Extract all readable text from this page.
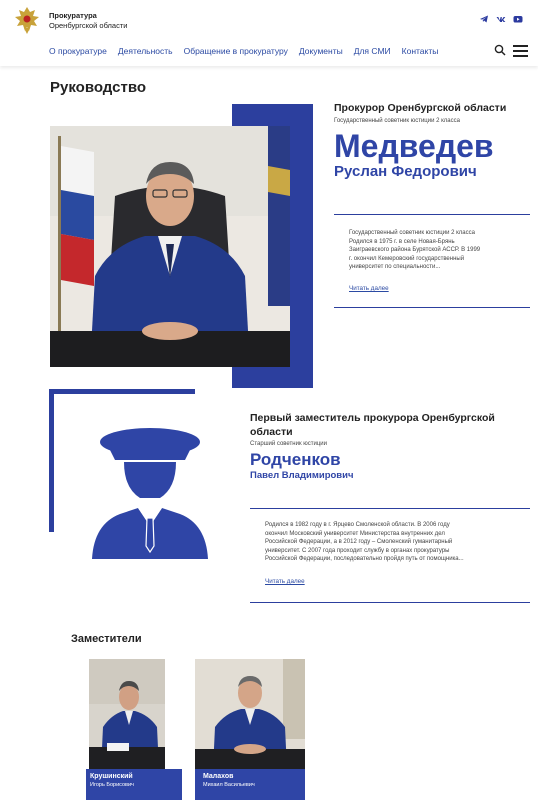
Прокуратура
Оренбургской области
О прокуратуре Деятельность Обращение в прокуратуру Документы Для СМИ Контакты
Руководство
Прокурор Оренбургской области
Государственный советник юстиции 2 класса
Медведев
Руслан Федорович
Государственный советник юстиции 2 класса
Родился в 1975 г. в селе Новая-Брянь
Заиграевского района Бурятской АССР. В 1999
г. окончил Кемеровский государственный
университет по специальности...
Читать далее
Первый заместитель прокурора Оренбургской области
Старший советник юстиции
Родченков
Павел Владимирович
Родился в 1982 году в г. Ярцево Смоленской области. В 2006 году
окончил Московский университет Министерства внутренних дел
Российской Федерации, а в 2012 году – Смоленский гуманитарный
университет. С 2007 года проходит службу в органах прокуратуры
Российской Федерации, последовательно пройдя путь от помощника...
Читать далее
Заместители
Крушинский
Игорь Борисович
Малахов
Михаил Васильевич
